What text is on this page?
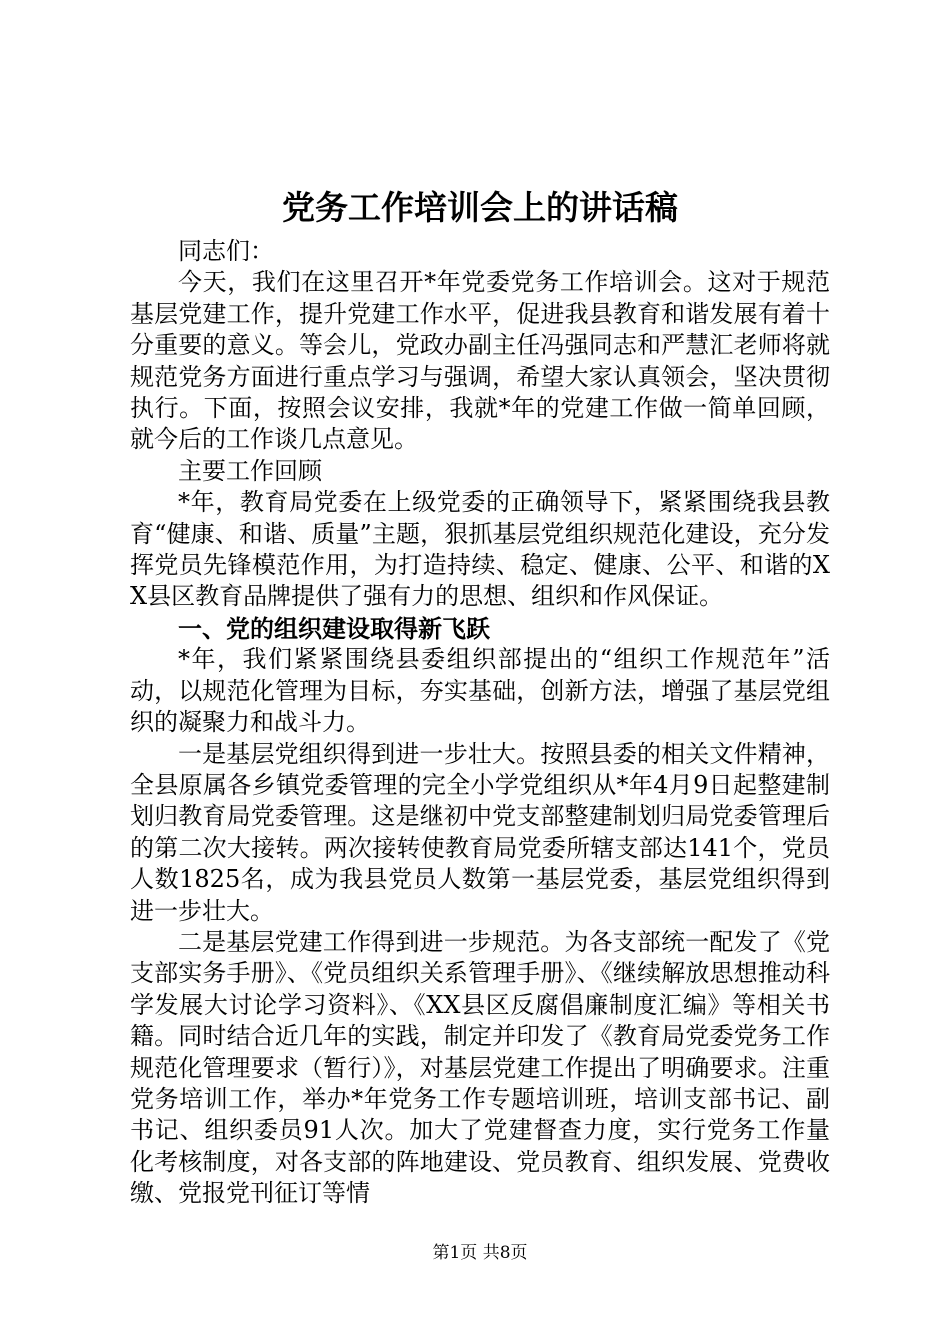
党务工作培训会上的讲话稿

同志们：

今天，我们在这里召开*年党委党务工作培训会。这对于规范基层党建工作，提升党建工作水平，促进我县教育和谐发展有着十分重要的意义。等会儿，党政办副主任冯强同志和严慧汇老师将就规范党务方面进行重点学习与强调，希望大家认真领会，坚决贯彻执行。下面，按照会议安排，我就*年的党建工作做一简单回顾，就今后的工作谈几点意见。

主要工作回顾

*年，教育局党委在上级党委的正确领导下，紧紧围绕我县教育“健康、和谐、质量”主题，狠抓基层党组织规范化建设，充分发挥党员先锋模范作用，为打造持续、稳定、健康、公平、和谐的XX县区教育品牌提供了强有力的思想、组织和作风保证。

一、党的组织建设取得新飞跃

*年，我们紧紧围绕县委组织部提出的“组织工作规范年”活动，以规范化管理为目标，夯实基础，创新方法，增强了基层党组织的凝聚力和战斗力。

一是基层党组织得到进一步壮大。按照县委的相关文件精神，全县原属各乡镇党委管理的完全小学党组织从*年4月9日起整建制划归教育局党委管理。这是继初中党支部整建制划归局党委管理后的第二次大接转。两次接转使教育局党委所辖支部达141个，党员人数1825名，成为我县党员人数第一基层党委，基层党组织得到进一步壮大。

二是基层党建工作得到进一步规范。为各支部统一配发了《党支部实务手册》、《党员组织关系管理手册》、《继续解放思想推动科学发展大讨论学习资料》、《XX县区反腐倡廉制度汇编》等相关书籍。同时结合近几年的实践，制定并印发了《教育局党委党务工作规范化管理要求（暂行）》，对基层党建工作提出了明确要求。注重党务培训工作，举办*年党务工作专题培训班，培训支部书记、副书记、组织委员91人次。加大了党建督查力度，实行党务工作量化考核制度，对各支部的阵地建设、党员教育、组织发展、党费收缴、党报党刊征订等情

第1页 共8页
